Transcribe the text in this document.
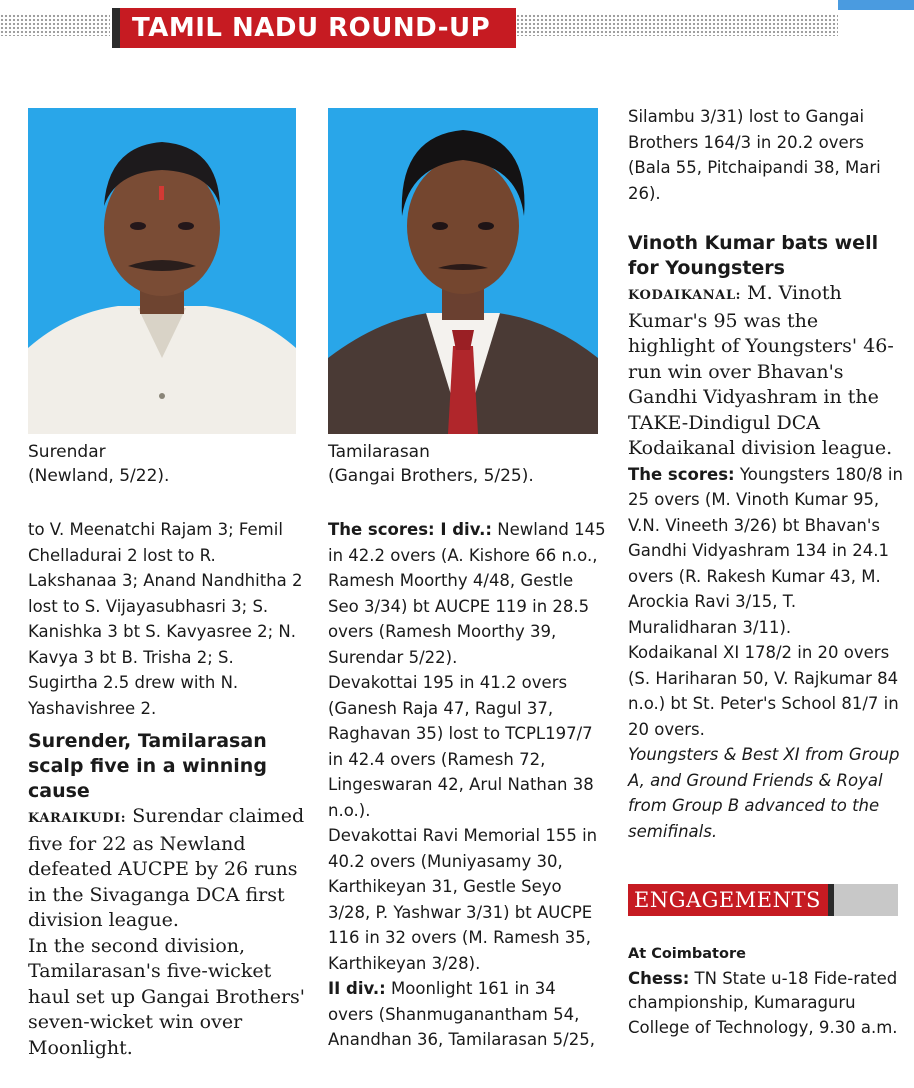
TAMIL NADU ROUND-UP
Surendar
(Newland, 5/22).
Tamilarasan
(Gangai Brothers, 5/25).

to V. Meenatchi Rajam 3; Femil Chelladurai 2 lost to R. Lakshanaa 3; Anand Nandhitha 2 lost to S. Vijayasubhasri 3; S. Kanishka 3 bt S. Kavyasree 2; N. Kavya 3 bt B. Trisha 2; S. Sugirtha 2.5 drew with N. Yashavishree 2.

Surender, Tamilarasan scalp five in a winning cause

KARAIKUDI: Surendar claimed five for 22 as Newland defeated AUCPE by 26 runs in the Sivaganga DCA first division league.

In the second division, Tamilarasan's five-wicket haul set up Gangai Brothers' seven-wicket win over Moonlight.

The scores: I div.: Newland 145 in 42.2 overs (A. Kishore 66 n.o., Ramesh Moorthy 4/48, Gestle Seo 3/34) bt AUCPE 119 in 28.5 overs (Ramesh Moorthy 39, Surendar 5/22).

Devakottai 195 in 41.2 overs (Ganesh Raja 47, Ragul 37, Raghavan 35) lost to TCPL197/7 in 42.4 overs (Ramesh 72, Lingeswaran 42, Arul Nathan 38 n.o.).

Devakottai Ravi Memorial 155 in 40.2 overs (Muniyasamy 30, Karthikeyan 31, Gestle Seyo 3/28, P. Yashwar 3/31) bt AUCPE 116 in 32 overs (M. Ramesh 35, Karthikeyan 3/28).

II div.: Moonlight 161 in 34 overs (Shanmuganantham 54, Anandhan 36, Tamilarasan 5/25,

Silambu 3/31) lost to Gangai Brothers 164/3 in 20.2 overs (Bala 55, Pitchaipandi 38, Mari 26).

Vinoth Kumar bats well for Youngsters

KODAIKANAL: M. Vinoth Kumar's 95 was the highlight of Youngsters' 46-run win over Bhavan's Gandhi Vidyashram in the TAKE-Dindigul DCA Kodaikanal division league.

The scores: Youngsters 180/8 in 25 overs (M. Vinoth Kumar 95, V.N. Vineeth 3/26) bt Bhavan's Gandhi Vidyashram 134 in 24.1 overs (R. Rakesh Kumar 43, M. Arockia Ravi 3/15, T. Muralidharan 3/11).

Kodaikanal XI 178/2 in 20 overs (S. Hariharan 50, V. Rajkumar 84 n.o.) bt St. Peter's School 81/7 in 20 overs.

Youngsters & Best XI from Group A, and Ground Friends & Royal from Group B advanced to the semifinals.

ENGAGEMENTS
At Coimbatore

Chess: TN State u-18 Fide-rated championship, Kumaraguru College of Technology, 9.30 a.m.
